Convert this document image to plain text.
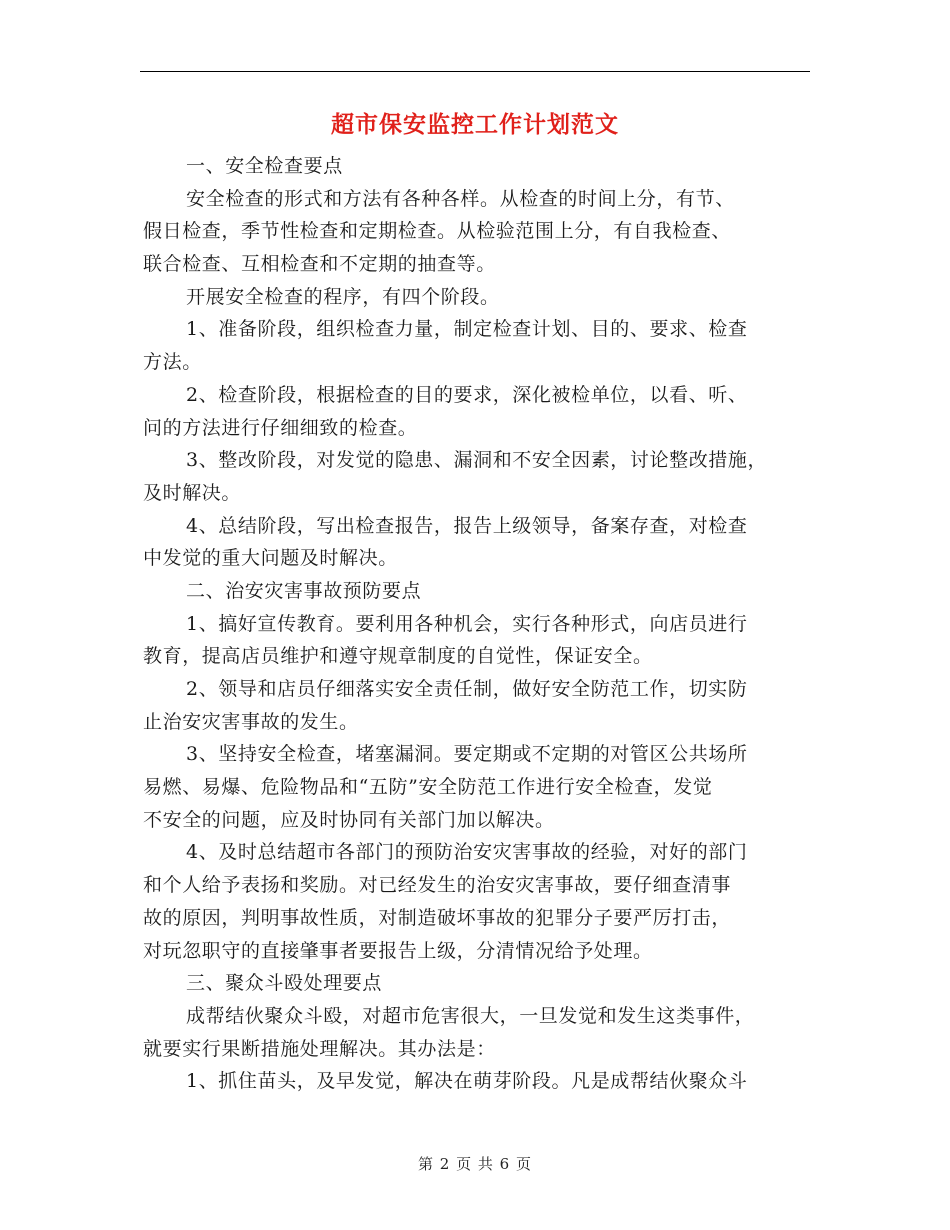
超市保安监控工作计划范文
一、安全检查要点
安全检查的形式和方法有各种各样。从检查的时间上分，有节、
假日检查，季节性检查和定期检查。从检验范围上分，有自我检查、
联合检查、互相检查和不定期的抽查等。
开展安全检查的程序，有四个阶段。
1、准备阶段，组织检查力量，制定检查计划、目的、要求、检查
方法。
2、检查阶段，根据检查的目的要求，深化被检单位，以看、听、
问的方法进行仔细细致的检查。
3、整改阶段，对发觉的隐患、漏洞和不安全因素，讨论整改措施，
及时解决。
4、总结阶段，写出检查报告，报告上级领导，备案存查，对检查
中发觉的重大问题及时解决。
二、治安灾害事故预防要点
1、搞好宣传教育。要利用各种机会，实行各种形式，向店员进行
教育，提高店员维护和遵守规章制度的自觉性，保证安全。
2、领导和店员仔细落实安全责任制，做好安全防范工作，切实防
止治安灾害事故的发生。
3、坚持安全检查，堵塞漏洞。要定期或不定期的对管区公共场所
易燃、易爆、危险物品和“五防”安全防范工作进行安全检查，发觉
不安全的问题，应及时协同有关部门加以解决。
4、及时总结超市各部门的预防治安灾害事故的经验，对好的部门
和个人给予表扬和奖励。对已经发生的治安灾害事故，要仔细查清事
故的原因，判明事故性质，对制造破坏事故的犯罪分子要严厉打击，
对玩忽职守的直接肇事者要报告上级，分清情况给予处理。
三、聚众斗殴处理要点
成帮结伙聚众斗殴，对超市危害很大，一旦发觉和发生这类事件，
就要实行果断措施处理解决。其办法是：
1、抓住苗头，及早发觉，解决在萌芽阶段。凡是成帮结伙聚众斗
第 2 页 共 6 页
